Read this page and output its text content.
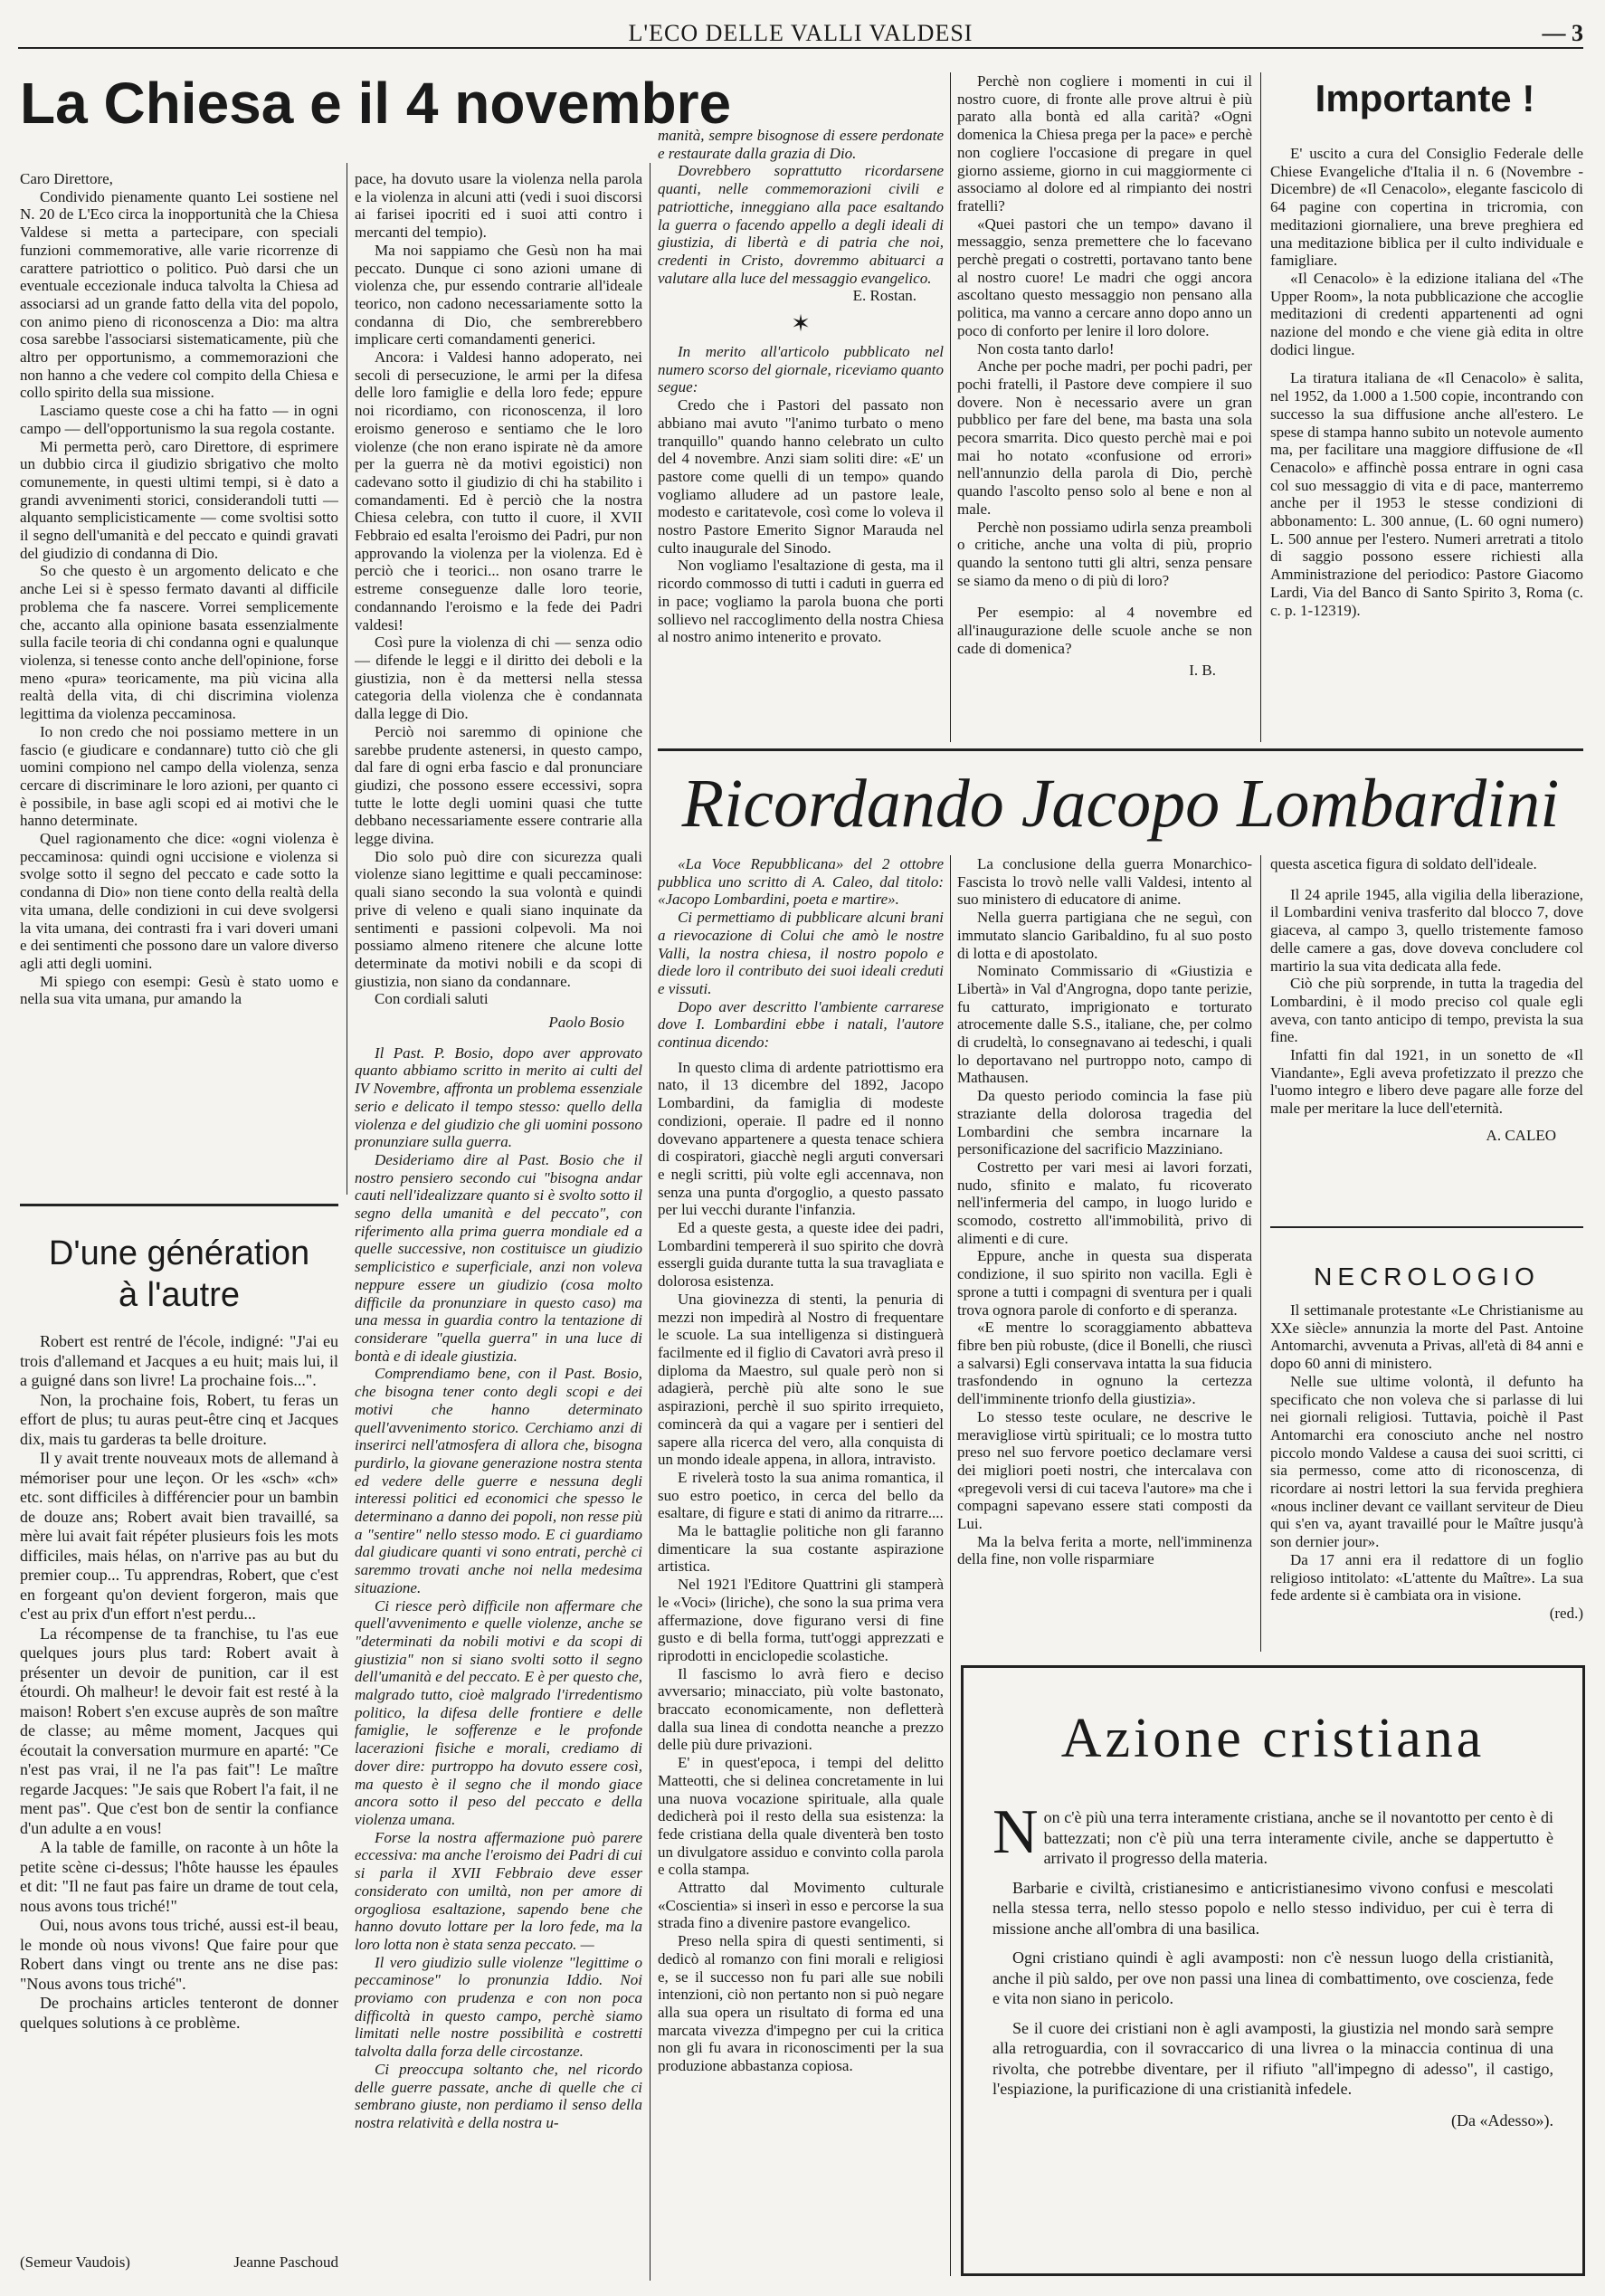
L'ECO DELLE VALLI VALDESI	— 3
La Chiesa e il 4 novembre

Caro Direttore,

Condivido pienamente quanto Lei sostiene nel N. 20 de L'Eco circa la inopportunità che la Chiesa Valdese si metta a partecipare, con speciali funzioni commemorative, alle varie ricorrenze di carattere patriottico o politico. Può darsi che un eventuale eccezionale induca talvolta la Chiesa ad associarsi ad un grande fatto della vita del popolo, con animo pieno di riconoscenza a Dio: ma altra cosa sarebbe l'associarsi sistematicamente, più che altro per opportunismo, a commemorazioni che non hanno a che vedere col compito della Chiesa e collo spirito della sua missione.

Lasciamo queste cose a chi ha fatto — in ogni campo — dell'opportunismo la sua regola costante.

Mi permetta però, caro Direttore, di esprimere un dubbio circa il giudizio sbrigativo che molto comunemente, in questi ultimi tempi, si è dato a grandi avvenimenti storici, considerandoli tutti — alquanto semplicisticamente — come svoltisi sotto il segno dell'umanità e del peccato e quindi gravati del giudizio di condanna di Dio.

So che questo è un argomento delicato e che anche Lei si è spesso fermato davanti al difficile problema che fa nascere. Vorrei semplicemente che, accanto alla opinione basata essenzialmente sulla facile teoria di chi condanna ogni e qualunque violenza, si tenesse conto anche dell'opinione, forse meno «pura» teoricamente, ma più vicina alla realtà della vita, di chi discrimina violenza legittima da violenza peccaminosa.

Io non credo che noi possiamo mettere in un fascio (e giudicare e condannare) tutto ciò che gli uomini compiono nel campo della violenza, senza cercare di discriminare le loro azioni, per quanto ci è possibile, in base agli scopi ed ai motivi che le hanno determinate.

Quel ragionamento che dice: «ogni violenza è peccaminosa: quindi ogni uccisione e violenza si svolge sotto il segno del peccato e cade sotto la condanna di Dio» non tiene conto della realtà della vita umana, delle condizioni in cui deve svolgersi la vita umana, dei contrasti fra i vari doveri umani e dei sentimenti che possono dare un valore diverso agli atti degli uomini.

Mi spiego con esempi: Gesù è stato uomo e nella sua vita umana, pur amando la

pace, ha dovuto usare la violenza nella parola e la violenza in alcuni atti (vedi i suoi discorsi ai farisei ipocriti ed i suoi atti contro i mercanti del tempio).

Ma noi sappiamo che Gesù non ha mai peccato. Dunque ci sono azioni umane di violenza che, pur essendo contrarie all'ideale teorico, non cadono necessariamente sotto la condanna di Dio, che sembrerebbero implicare certi comandamenti generici.

Ancora: i Valdesi hanno adoperato, nei secoli di persecuzione, le armi per la difesa delle loro famiglie e della loro fede; eppure noi ricordiamo, con riconoscenza, il loro eroismo generoso e sentiamo che le loro violenze (che non erano ispirate nè da amore per la guerra nè da motivi egoistici) non cadevano sotto il giudizio di chi ha stabilito i comandamenti. Ed è perciò che la nostra Chiesa celebra, con tutto il cuore, il XVII Febbraio ed esalta l'eroismo dei Padri, pur non approvando la violenza per la violenza. Ed è perciò che i teorici... non osano trarre le estreme conseguenze dalle loro teorie, condannando l'eroismo e la fede dei Padri valdesi!

Così pure la violenza di chi — senza odio — difende le leggi e il diritto dei deboli e la giustizia, non è da mettersi nella stessa categoria della violenza che è condannata dalla legge di Dio.

Perciò noi saremmo di opinione che sarebbe prudente astenersi, in questo campo, dal fare di ogni erba fascio e dal pronunciare giudizi, che possono essere eccessivi, sopra tutte le lotte degli uomini quasi che tutte debbano necessariamente essere contrarie alla legge divina.

Dio solo può dire con sicurezza quali violenze siano legittime e quali peccaminose: quali siano secondo la sua volontà e quindi prive di veleno e quali siano inquinate da sentimenti e passioni colpevoli. Ma noi possiamo almeno ritenere che alcune lotte determinate da motivi nobili e da scopi di giustizia, non siano da condannare.

Con cordiali saluti

Paolo Bosio

Il Past. P. Bosio, dopo aver approvato quanto abbiamo scritto in merito ai culti del IV Novembre, affronta un problema essenziale serio e delicato il tempo stesso: quello della violenza e del giudizio che gli uomini possono pronunziare sulla guerra.

Desideriamo dire al Past. Bosio che il nostro pensiero secondo cui "bisogna andar cauti nell'idealizzare quanto si è svolto sotto il segno della umanità e del peccato", con riferimento alla prima guerra mondiale ed a quelle successive, non costituisce un giudizio semplicistico e superficiale, anzi non voleva neppure essere un giudizio (cosa molto difficile da pronunziare in questo caso) ma una messa in guardia contro la tentazione di considerare "quella guerra" in una luce di bontà e di ideale giustizia.

Comprendiamo bene, con il Past. Bosio, che bisogna tener conto degli scopi e dei motivi che hanno determinato quell'avvenimento storico. Cerchiamo anzi di inserirci nell'atmosfera di allora che, bisogna purdirlo, la giovane generazione nostra stenta ed vedere delle guerre e nessuna degli interessi politici ed economici che spesso le determinano a danno dei popoli, non resse più a "sentire" nello stesso modo. E ci guardiamo dal giudicare quanti vi sono entrati, perchè ci saremmo trovati anche noi nella medesima situazione.

Ci riesce però difficile non affermare che quell'avvenimento e quelle violenze, anche se "determinati da nobili motivi e da scopi di giustizia" non si siano svolti sotto il segno dell'umanità e del peccato. E è per questo che, malgrado tutto, cioè malgrado l'irredentismo politico, la difesa delle frontiere e delle famiglie, le sofferenze e le profonde lacerazioni fisiche e morali, crediamo di dover dire: purtroppo ha dovuto essere così, ma questo è il segno che il mondo giace ancora sotto il peso del peccato e della violenza umana.

Forse la nostra affermazione può parere eccessiva: ma anche l'eroismo dei Padri di cui si parla il XVII Febbraio deve esser considerato con umiltà, non per amore di orgogliosa esaltazione, sapendo bene che hanno dovuto lottare per la loro fede, ma la loro lotta non è stata senza peccato. —

Il vero giudizio sulle violenze "legittime o peccaminose" lo pronunzia Iddio. Noi proviamo con prudenza e con non poca difficoltà in questo campo, perchè siamo limitati nelle nostre possibilità e costretti talvolta dalla forza delle circostanze.

Ci preoccupa soltanto che, nel ricordo delle guerre passate, anche di quelle che ci sembrano giuste, non perdiamo il senso della nostra relatività e della nostra u-

manità, sempre bisognose di essere perdonate e restaurate dalla grazia di Dio.

Dovrebbero soprattutto ricordarsene quanti, nelle commemorazioni civili e patriottiche, inneggiano alla pace esaltando la guerra o facendo appello a degli ideali di giustizia, di libertà e di patria che noi, credenti in Cristo, dovremmo abituarci a valutare alla luce del messaggio evangelico.

E. Rostan.

✶

In merito all'articolo pubblicato nel numero scorso del giornale, riceviamo quanto segue:

Credo che i Pastori del passato non abbiano mai avuto "l'animo turbato o meno tranquillo" quando hanno celebrato un culto del 4 novembre. Anzi siam soliti dire: «E' un pastore come quelli di un tempo» quando vogliamo alludere ad un pastore leale, modesto e caritatevole, così come lo voleva il nostro Pastore Emerito Signor Marauda nel culto inaugurale del Sinodo.

Non vogliamo l'esaltazione di gesta, ma il ricordo commosso di tutti i caduti in guerra ed in pace; vogliamo la parola buona che porti sollievo nel raccoglimento della nostra Chiesa al nostro animo intenerito e provato.

Perchè non cogliere i momenti in cui il nostro cuore, di fronte alle prove altrui è più parato alla bontà ed alla carità? «Ogni domenica la Chiesa prega per la pace» e perchè non cogliere l'occasione di pregare in quel giorno assieme, giorno in cui maggiormente ci associamo al dolore ed al rimpianto dei nostri fratelli?

«Quei pastori che un tempo» davano il messaggio, senza premettere che lo facevano perchè pregati o costretti, portavano tanto bene al nostro cuore! Le madri che oggi ancora ascoltano questo messaggio non pensano alla politica, ma vanno a cercare anno dopo anno un poco di conforto per lenire il loro dolore.

Non costa tanto darlo!

Anche per poche madri, per pochi padri, per pochi fratelli, il Pastore deve compiere il suo dovere. Non è necessario avere un gran pubblico per fare del bene, ma basta una sola pecora smarrita. Dico questo perchè mai e poi mai ho notato «confusione od errori» nell'annunzio della parola di Dio, perchè quando l'ascolto penso solo al bene e non al male.

Perchè non possiamo udirla senza preamboli o critiche, anche una volta di più, proprio quando la sentono tutti gli altri, senza pensare se siamo da meno o di più di loro?

Per esempio: al 4 novembre ed all'inaugurazione delle scuole anche se non cade di domenica?

I. B.

Importante !

E' uscito a cura del Consiglio Federale delle Chiese Evangeliche d'Italia il n. 6 (Novembre - Dicembre) de «Il Cenacolo», elegante fascicolo di 64 pagine con copertina in tricromia, con meditazioni giornaliere, una breve preghiera ed una meditazione biblica per il culto individuale e famigliare.

«Il Cenacolo» è la edizione italiana del «The Upper Room», la nota pubblicazione che accoglie meditazioni di credenti appartenenti ad ogni nazione del mondo e che viene già edita in oltre dodici lingue.

La tiratura italiana de «Il Cenacolo» è salita, nel 1952, da 1.000 a 1.500 copie, incontrando con successo la sua diffusione anche all'estero. Le spese di stampa hanno subito un notevole aumento ma, per facilitare una maggiore diffusione de «Il Cenacolo» e affinchè possa entrare in ogni casa col suo messaggio di vita e di pace, manterremo anche per il 1953 le stesse condizioni di abbonamento: L. 300 annue, (L. 60 ogni numero) L. 500 annue per l'estero. Numeri arretrati a titolo di saggio possono essere richiesti alla Amministrazione del periodico: Pastore Giacomo Lardi, Via del Banco di Santo Spirito 3, Roma (c. c. p. 1-12319).

Ricordando Jacopo Lombardini

«La Voce Repubblicana» del 2 ottobre pubblica uno scritto di A. Caleo, dal titolo: «Jacopo Lombardini, poeta e martire».

Ci permettiamo di pubblicare alcuni brani a rievocazione di Colui che amò le nostre Valli, la nostra chiesa, il nostro popolo e diede loro il contributo dei suoi ideali creduti e vissuti.

Dopo aver descritto l'ambiente carrarese dove I. Lombardini ebbe i natali, l'autore continua dicendo:

In questo clima di ardente patriottismo era nato, il 13 dicembre del 1892, Jacopo Lombardini, da famiglia di modeste condizioni, operaie. Il padre ed il nonno dovevano appartenere a questa tenace schiera di cospiratori, giacchè negli arguti conversari e negli scritti, più volte egli accennava, non senza una punta d'orgoglio, a questo passato per lui vecchi durante l'infanzia.

Ed a queste gesta, a queste idee dei padri, Lombardini tempererà il suo spirito che dovrà essergli guida durante tutta la sua travagliata e dolorosa esistenza.

Una giovinezza di stenti, la penuria di mezzi non impedirà al Nostro di frequentare le scuole. La sua intelligenza si distinguerà facilmente ed il figlio di Cavatori avrà preso il diploma da Maestro, sul quale però non si adagierà, perchè più alte sono le sue aspirazioni, perchè il suo spirito irrequieto, comincerà da qui a vagare per i sentieri del sapere alla ricerca del vero, alla conquista di un mondo ideale appena, in allora, intravisto.

E rivelerà tosto la sua anima romantica, il suo estro poetico, in cerca del bello da esaltare, di figure e stati di animo da ritrarre....

Ma le battaglie politiche non gli faranno dimenticare la sua costante aspirazione artistica.

Nel 1921 l'Editore Quattrini gli stamperà le «Voci» (liriche), che sono la sua prima vera affermazione, dove figurano versi di fine gusto e di bella forma, tutt'oggi apprezzati e riprodotti in enciclopedie scolastiche.

Il fascismo lo avrà fiero e deciso avversario; minacciato, più volte bastonato, braccato economicamente, non defletterà dalla sua linea di condotta neanche a prezzo delle più dure privazioni.

E' in quest'epoca, i tempi del delitto Matteotti, che si delinea concretamente in lui una nuova vocazione spirituale, alla quale dedicherà poi il resto della sua esistenza: la fede cristiana della quale diventerà ben tosto un divulgatore assiduo e convinto colla parola e colla stampa.

Attratto dal Movimento culturale «Coscientia» si inserì in esso e percorse la sua strada fino a divenire pastore evangelico.

Preso nella spira di questi sentimenti, si dedicò al romanzo con fini morali e religiosi e, se il successo non fu pari alle sue nobili intenzioni, ciò non pertanto non si può negare alla sua opera un risultato di forma ed una marcata vivezza d'impegno per cui la critica non gli fu avara in riconoscimenti per la sua produzione abbastanza copiosa.

La conclusione della guerra Monarchico-Fascista lo trovò nelle valli Valdesi, intento al suo ministero di educatore di anime.

Nella guerra partigiana che ne seguì, con immutato slancio Garibaldino, fu al suo posto di lotta e di apostolato.

Nominato Commissario di «Giustizia e Libertà» in Val d'Angrogna, dopo tante perizie, fu catturato, imprigionato e torturato atrocemente dalle S.S., italiane, che, per colmo di crudeltà, lo consegnavano ai tedeschi, i quali lo deportavano nel purtroppo noto, campo di Mathausen.

Da questo periodo comincia la fase più straziante della dolorosa tragedia del Lombardini che sembra incarnare la personificazione del sacrificio Mazziniano.

Costretto per vari mesi ai lavori forzati, nudo, sfinito e malato, fu ricoverato nell'infermeria del campo, in luogo lurido e scomodo, costretto all'immobilità, privo di alimenti e di cure.

Eppure, anche in questa sua disperata condizione, il suo spirito non vacilla. Egli è sprone a tutti i compagni di sventura per i quali trova ognora parole di conforto e di speranza.

«E mentre lo scoraggiamento abbatteva fibre ben più robuste, (dice il Bonelli, che riuscì a salvarsi) Egli conservava intatta la sua fiducia trasfondendo in ognuno la certezza dell'imminente trionfo della giustizia».

Lo stesso teste oculare, ne descrive le meravigliose virtù spirituali; ce lo mostra tutto preso nel suo fervore poetico declamare versi dei migliori poeti nostri, che intercalava con «pregevoli versi di cui taceva l'autore» ma che i compagni sapevano essere stati composti da Lui.

Ma la belva ferita a morte, nell'imminenza della fine, non volle risparmiare

questa ascetica figura di soldato dell'ideale.

Il 24 aprile 1945, alla vigilia della liberazione, il Lombardini veniva trasferito dal blocco 7, dove giaceva, al campo 3, quello tristemente famoso delle camere a gas, dove doveva concludere col martirio la sua vita dedicata alla fede.

Ciò che più sorprende, in tutta la tragedia del Lombardini, è il modo preciso col quale egli aveva, con tanto anticipo di tempo, prevista la sua fine.

Infatti fin dal 1921, in un sonetto de «Il Viandante», Egli aveva profetizzato il prezzo che l'uomo integro e libero deve pagare alle forze del male per meritare la luce dell'eternità.

A. CALEO

NECROLOGIO

Il settimanale protestante «Le Christianisme au XXe siècle» annunzia la morte del Past. Antoine Antomarchi, avvenuta a Privas, all'età di 84 anni e dopo 60 anni di ministero.

Nelle sue ultime volontà, il defunto ha specificato che non voleva che si parlasse di lui nei giornali religiosi. Tuttavia, poichè il Past Antomarchi era conosciuto anche nel nostro piccolo mondo Valdese a causa dei suoi scritti, ci sia permesso, come atto di riconoscenza, di ricordare ai nostri lettori la sua fervida preghiera «nous incliner devant ce vaillant serviteur de Dieu qui s'en va, ayant travaillé pour le Maître jusqu'à son dernier jour».

Da 17 anni era il redattore di un foglio religioso intitolato: «L'attente du Maître». La sua fede ardente si è cambiata ora in visione.

(red.)

Azione cristiana

Non c'è più una terra interamente cristiana, anche se il novantotto per cento è di battezzati; non c'è più una terra interamente civile, anche se dappertutto è arrivato il progresso della materia.

Barbarie e civiltà, cristianesimo e anticristianesimo vivono confusi e mescolati nella stessa terra, nello stesso popolo e nello stesso individuo, per cui è terra di missione anche all'ombra di una basilica.

Ogni cristiano quindi è agli avamposti: non c'è nessun luogo della cristianità, anche il più saldo, per ove non passi una linea di combattimento, ove coscienza, fede e vita non siano in pericolo.

Se il cuore dei cristiani non è agli avamposti, la giustizia nel mondo sarà sempre alla retroguardia, con il sovraccarico di una livrea o la minaccia continua di una rivolta, che potrebbe diventare, per il rifiuto "all'impegno di adesso", il castigo, l'espiazione, la purificazione di una cristianità infedele.

(Da «Adesso»).

D'une génération
à l'autre

Robert est rentré de l'école, indigné: "J'ai eu trois d'allemand et Jacques a eu huit; mais lui, il a guigné dans son livre! La prochaine fois...".

Non, la prochaine fois, Robert, tu feras un effort de plus; tu auras peut-être cinq et Jacques dix, mais tu garderas ta belle droiture.

Il y avait trente nouveaux mots de allemand à mémoriser pour une leçon. Or les «sch» «ch» etc. sont difficiles à différencier pour un bambin de douze ans; Robert avait bien travaillé, sa mère lui avait fait répéter plusieurs fois les mots difficiles, mais hélas, on n'arrive pas au but du premier coup... Tu apprendras, Robert, que c'est en forgeant qu'on devient forgeron, mais que c'est au prix d'un effort n'est perdu...

La récompense de ta franchise, tu l'as eue quelques jours plus tard: Robert avait à présenter un devoir de punition, car il est étourdi. Oh malheur! le devoir fait est resté à la maison! Robert s'en excuse auprès de son maître de classe; au même moment, Jacques qui écoutait la conversation murmure en aparté: "Ce n'est pas vrai, il ne l'a pas fait"! Le maître regarde Jacques: "Je sais que Robert l'a fait, il ne ment pas". Que c'est bon de sentir la confiance d'un adulte a en vous!

A la table de famille, on raconte à un hôte la petite scène ci-dessus; l'hôte hausse les épaules et dit: "Il ne faut pas faire un drame de tout cela, nous avons tous triché!"

Oui, nous avons tous triché, aussi est-il beau, le monde où nous vivons! Que faire pour que Robert dans vingt ou trente ans ne dise pas: "Nous avons tous triché".

De prochains articles tenteront de donner quelques solutions à ce problème.

(Semeur Vaudois)	Jeanne Paschoud
